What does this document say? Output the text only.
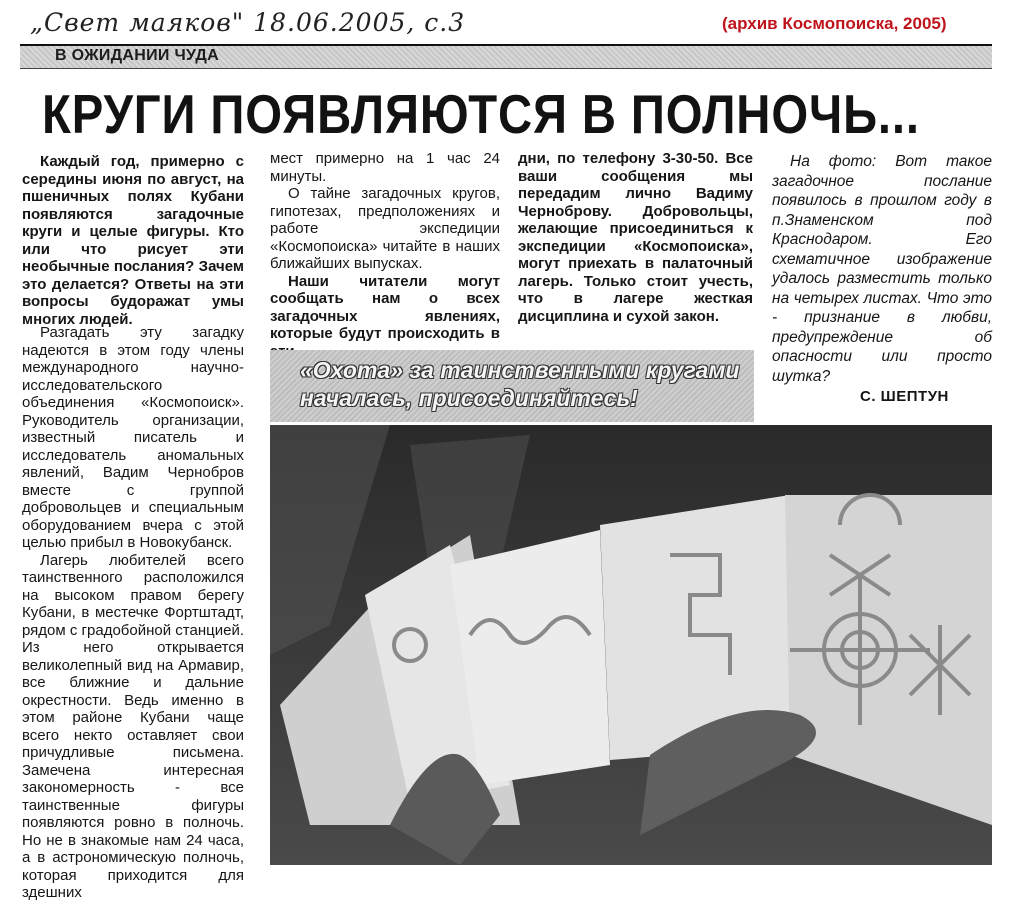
„Свет маяков" 18.06.2005, с.3	(архив Космопоиска, 2005)
В ОЖИДАНИИ ЧУДА
КРУГИ ПОЯВЛЯЮТСЯ В ПОЛНОЧЬ...

Каждый год, примерно с середины июня по август, на пшеничных полях Кубани появляются загадочные круги и целые фигуры. Кто или что рисует эти необычные послания? Зачем это делается? Ответы на эти вопросы будоражат умы многих людей.

Разгадать эту загадку надеются в этом году члены международного научно-исследовательского объединения «Космопоиск». Руководитель организации, известный писатель и исследователь аномальных явлений, Вадим Чернобров вместе с группой добровольцев и специальным оборудованием вчера с этой целью прибыл в Новокубанск.

Лагерь любителей всего таинственного расположился на высоком правом берегу Кубани, в местечке Фортштадт, рядом с градобойной станцией. Из него открывается великолепный вид на Армавир, все ближние и дальние окрестности. Ведь именно в этом районе Кубани чаще всего некто оставляет свои причудливые письмена. Замечена интересная закономерность - все таинственные фигуры появляются ровно в полночь. Но не в знакомые нам 24 часа, а в астрономическую полночь, которая приходится для здешних

мест примерно на 1 час 24 минуты.

О тайне загадочных кругов, гипотезах, предположениях и работе экспедиции «Космопоиска» читайте в наших ближайших выпусках.

Наши читатели могут сообщать нам о всех загадочных явлениях, которые будут происходить в

дни, по телефону 3-30-50. Все ваши сообщения мы передадим лично Вадиму Черноброву. Добровольцы, желающие присоединиться к экспедиции «Космопоиска», могут приехать в палаточный лагерь. Только стоит учесть, что в лагере жесткая дисциплина и сухой закон.

На фото: Вот такое загадочное послание появилось в прошлом году в п.Знаменском под Краснодаром. Его схематичное изображение удалось разместить только на четырех листах. Что это - признание в любви, предупреждение об опасности или просто шутка?

«Охота» за таинственными кругами началась, присоединяйтесь!	С. ШЕПТУН
